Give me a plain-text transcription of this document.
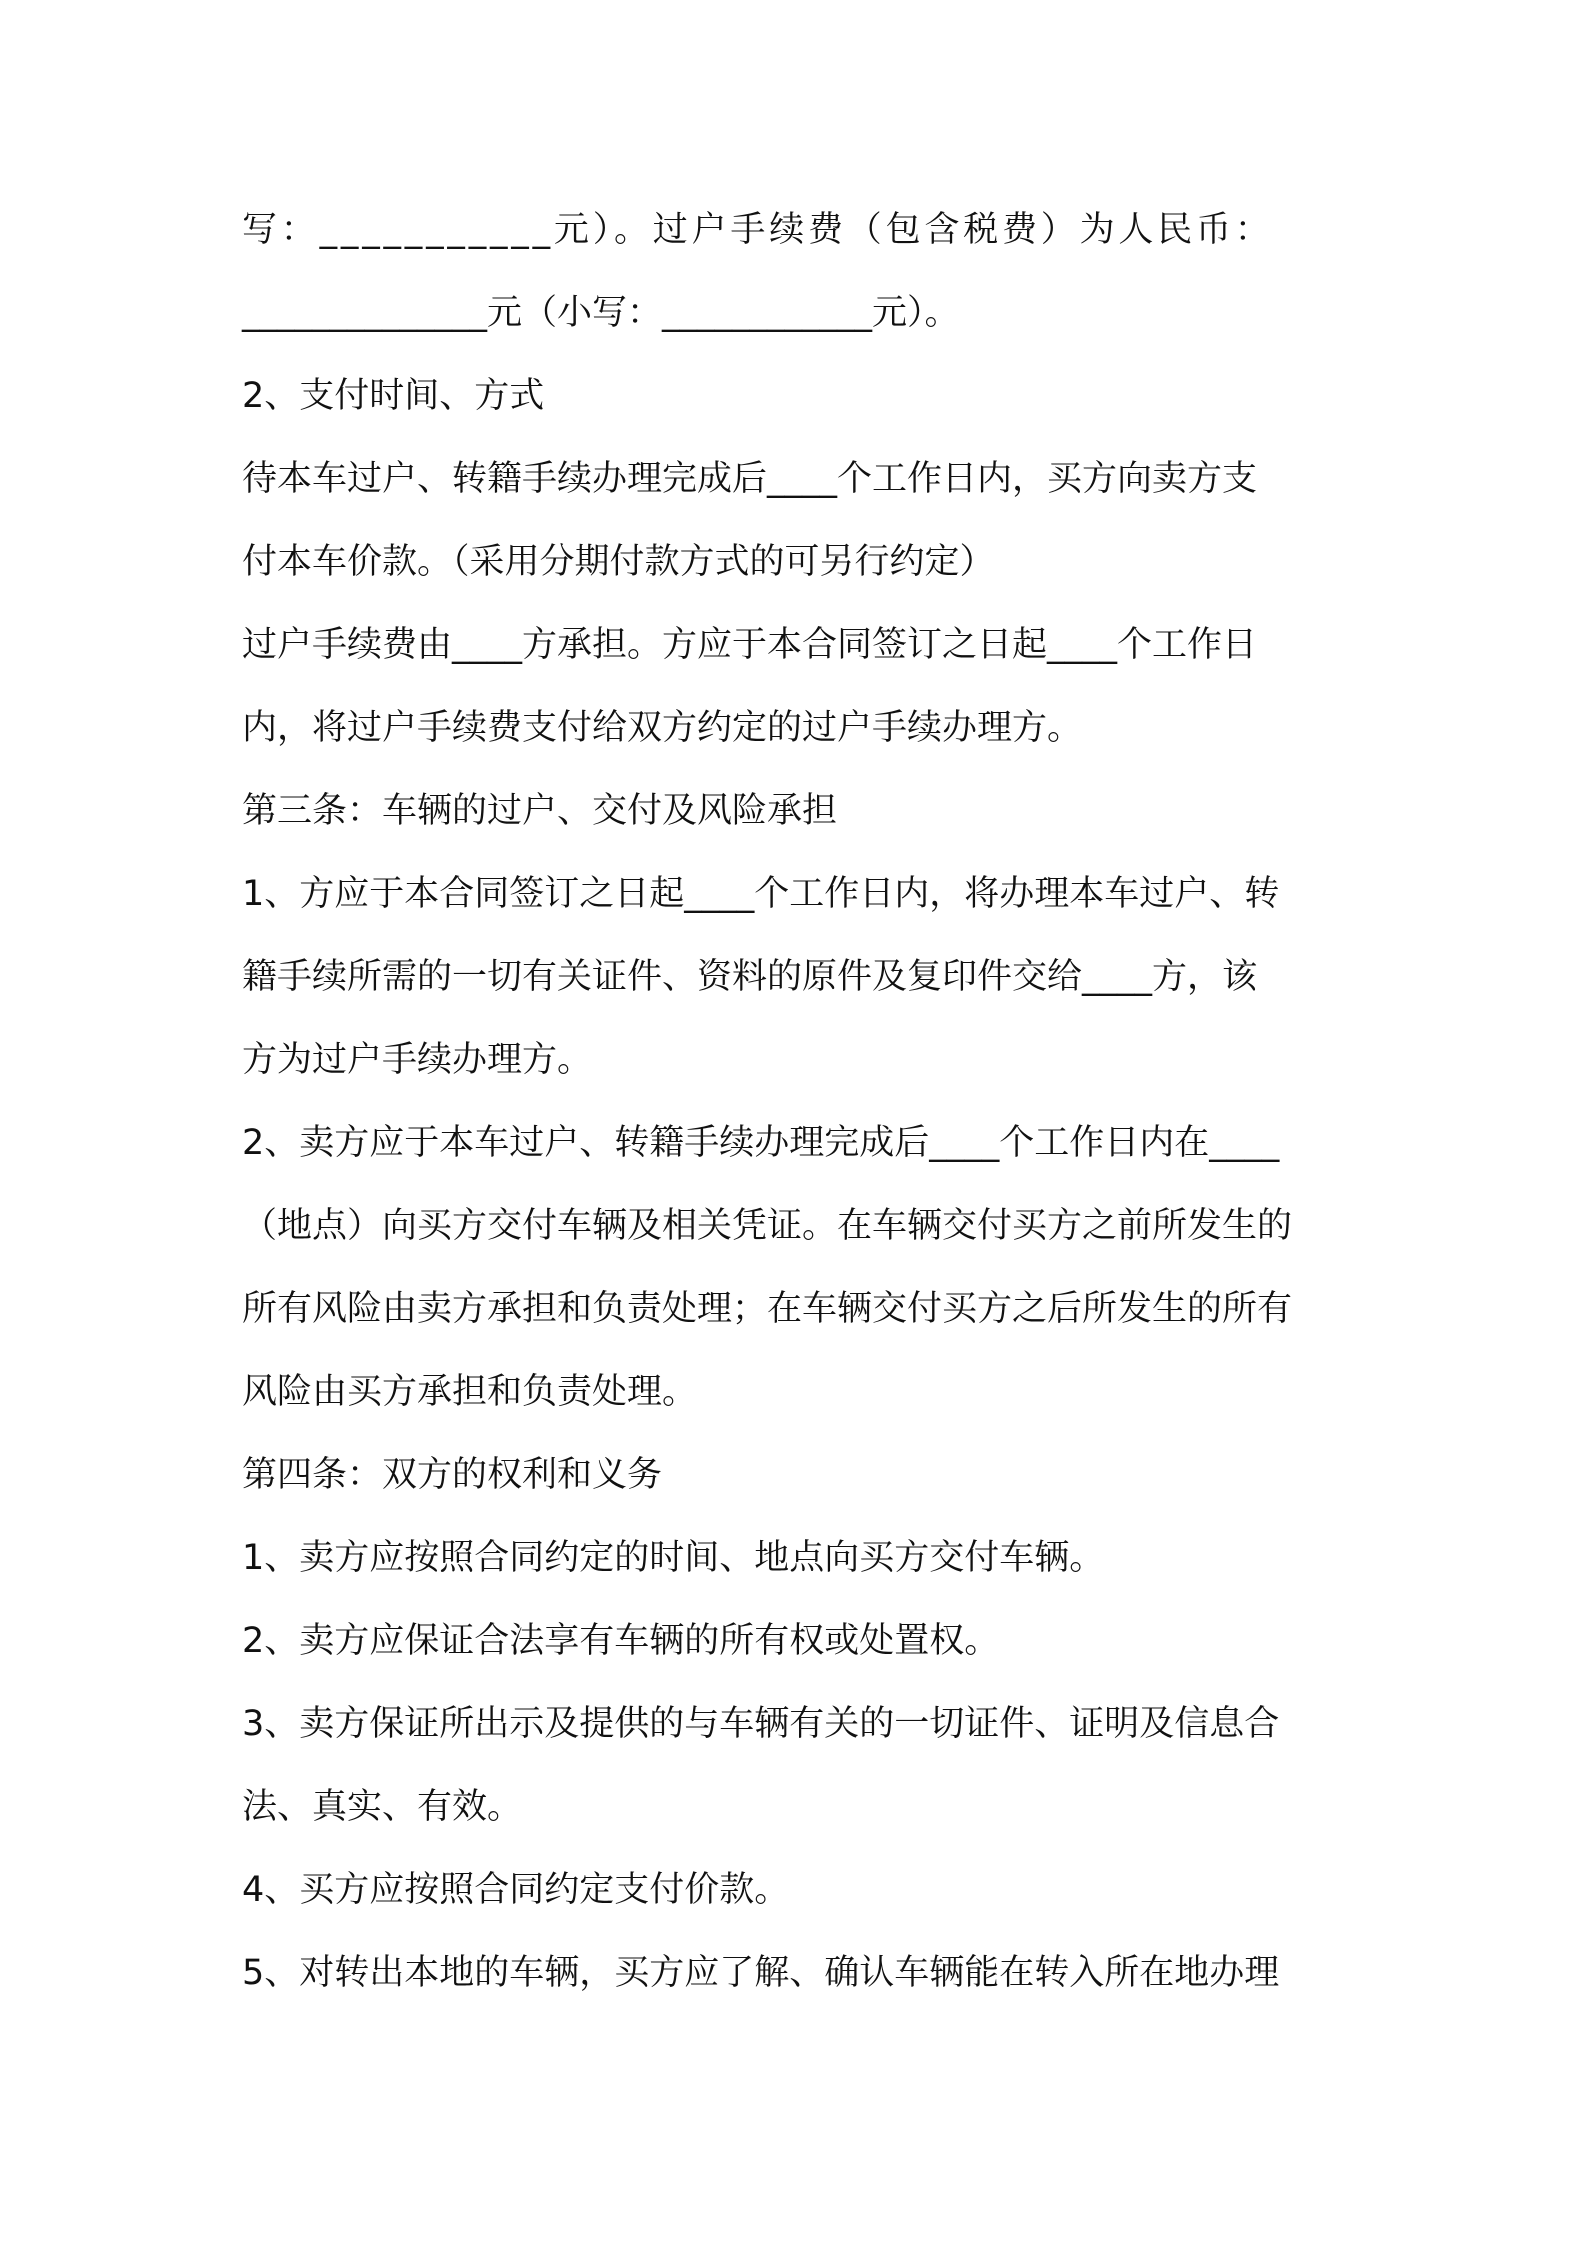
写：___________元）。过户手续费（包含税费）为人民币：
______________元（小写：____________元）。
2、支付时间、方式
待本车过户、转籍手续办理完成后____个工作日内，买方向卖方支
付本车价款。（采用分期付款方式的可另行约定）
过户手续费由____方承担。方应于本合同签订之日起____个工作日
内，将过户手续费支付给双方约定的过户手续办理方。
第三条：车辆的过户、交付及风险承担
1、方应于本合同签订之日起____个工作日内，将办理本车过户、转
籍手续所需的一切有关证件、资料的原件及复印件交给____方，该
方为过户手续办理方。
2、卖方应于本车过户、转籍手续办理完成后____个工作日内在____
（地点）向买方交付车辆及相关凭证。在车辆交付买方之前所发生的
所有风险由卖方承担和负责处理；在车辆交付买方之后所发生的所有
风险由买方承担和负责处理。
第四条：双方的权利和义务
1、卖方应按照合同约定的时间、地点向买方交付车辆。
2、卖方应保证合法享有车辆的所有权或处置权。
3、卖方保证所出示及提供的与车辆有关的一切证件、证明及信息合
法、真实、有效。
4、买方应按照合同约定支付价款。
5、对转出本地的车辆，买方应了解、确认车辆能在转入所在地办理
